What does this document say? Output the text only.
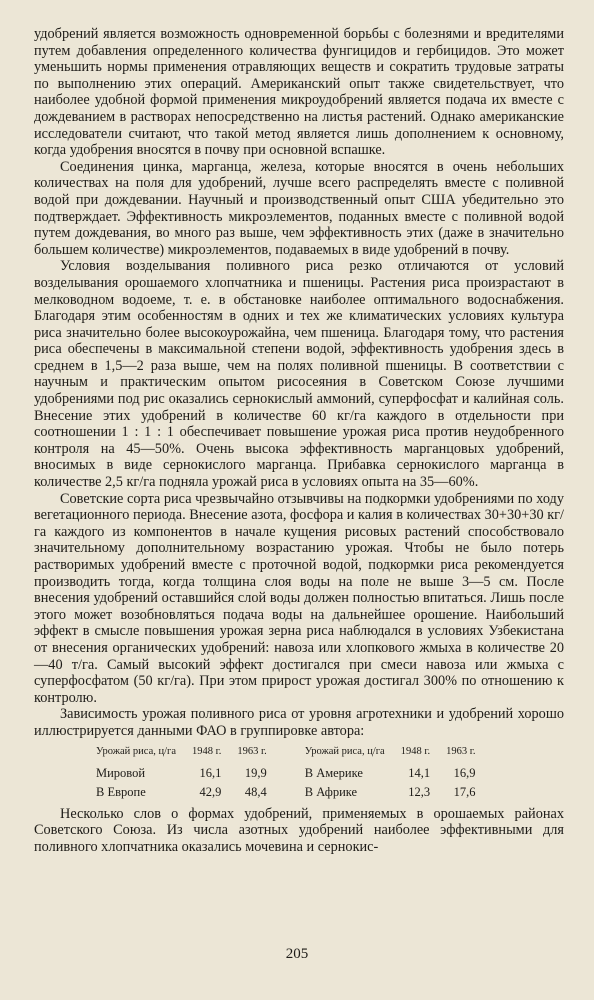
удобрений является возможность одновременной борьбы с болезнями и вредителями путем добавления определенного количества фунгицидов и гербицидов. Это может уменьшить нормы применения отравляющих веществ и сократить трудовые затраты по выполнению этих операций. Американский опыт также свидетельствует, что наиболее удобной формой применения микроудобрений является подача их вместе с дождеванием в растворах непосредственно на листья растений. Однако американские исследователи считают, что такой метод является лишь дополнением к основному, когда удобрения вносятся в почву при основной вспашке.

Соединения цинка, марганца, железа, которые вносятся в очень небольших количествах на поля для удобрений, лучше всего распределять вместе с поливной водой при дождевании. Научный и производственный опыт США убедительно это подтверждает. Эффективность микроэлементов, поданных вместе с поливной водой путем дождевания, во много раз выше, чем эффективность этих (даже в значительно большем количестве) микроэлементов, подаваемых в виде удобрений в почву.

Условия возделывания поливного риса резко отличаются от условий возделывания орошаемого хлопчатника и пшеницы. Растения риса произрастают в мелководном водоеме, т. е. в обстановке наиболее оптимального водоснабжения. Благодаря этим особенностям в одних и тех же климатических условиях культура риса значительно более высокоурожайна, чем пшеница. Благодаря тому, что растения риса обеспечены в максимальной степени водой, эффективность удобрения здесь в среднем в 1,5—2 раза выше, чем на полях поливной пшеницы. В соответствии с научным и практическим опытом рисосеяния в Советском Союзе лучшими удобрениями под рис оказались сернокислый аммоний, суперфосфат и калийная соль. Внесение этих удобрений в количестве 60 кг/га каждого в отдельности при соотношении 1 : 1 : 1 обеспечивает повышение урожая риса против неудобренного контроля на 45—50%. Очень высока эффективность марганцовых удобрений, вносимых в виде сернокислого марганца. Прибавка сернокислого марганца в количестве 2,5 кг/га подняла урожай риса в условиях опыта на 35—60%.

Советские сорта риса чрезвычайно отзывчивы на подкормки удобрениями по ходу вегетационного периода. Внесение азота, фосфора и калия в количествах 30+30+30 кг/га каждого из компонентов в начале кущения рисовых растений способствовало значительному дополнительному возрастанию урожая. Чтобы не было потерь растворимых удобрений вместе с проточной водой, подкормки риса рекомендуется производить тогда, когда толщина слоя воды на поле не выше 3—5 см. После внесения удобрений оставшийся слой воды должен полностью впитаться. Лишь после этого может возобновляться подача воды на дальнейшее орошение. Наибольший эффект в смысле повышения урожая зерна риса наблюдался в условиях Узбекистана от внесения органических удобрений: навоза или хлопкового жмыха в количестве 20—40 т/га. Самый высокий эффект достигался при смеси навоза или жмыха с суперфосфатом (50 кг/га). При этом прирост урожая достигал 300% по отношению к контролю.

Зависимость урожая поливного риса от уровня агротехники и удобрений хорошо иллюстрируется данными ФАО в группировке автора:

Урожай риса, ц/га	1948 г.	1963 г.
Мировой	16,1	19,9
В Европе	42,9	48,4
Урожай риса, ц/га	1948 г.	1963 г.
В Америке	14,1	16,9
В Африке	12,3	17,6

Несколько слов о формах удобрений, применяемых в орошаемых районах Советского Союза. Из числа азотных удобрений наиболее эффективными для поливного хлопчатника оказались мочевина и сернокис-

205
